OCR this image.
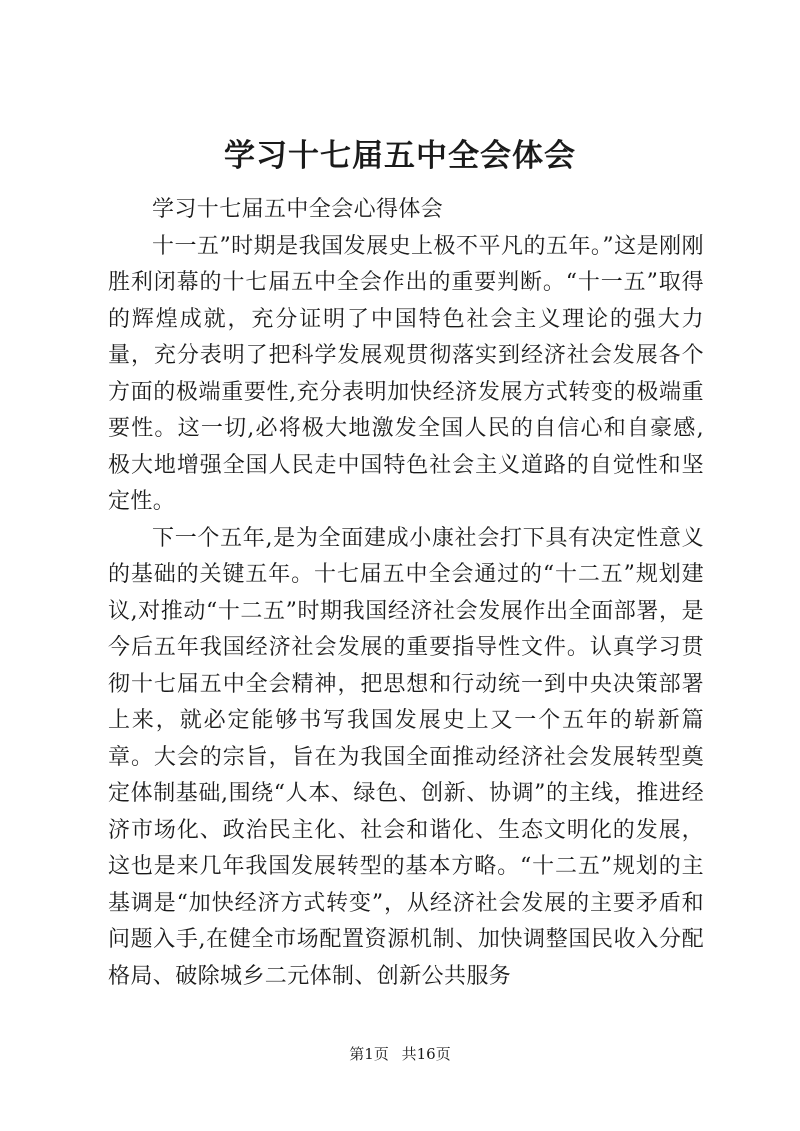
学习十七届五中全会体会

学习十七届五中全会心得体会

十一五”时期是我国发展史上极不平凡的五年。”这是刚刚胜利闭幕的十七届五中全会作出的重要判断。“十一五”取得的辉煌成就，充分证明了中国特色社会主义理论的强大力量，充分表明了把科学发展观贯彻落实到经济社会发展各个方面的极端重要性,充分表明加快经济发展方式转变的极端重要性。这一切,必将极大地激发全国人民的自信心和自豪感,极大地增强全国人民走中国特色社会主义道路的自觉性和坚定性。

下一个五年,是为全面建成小康社会打下具有决定性意义的基础的关键五年。十七届五中全会通过的“十二五”规划建议,对推动“十二五”时期我国经济社会发展作出全面部署，是今后五年我国经济社会发展的重要指导性文件。认真学习贯彻十七届五中全会精神，把思想和行动统一到中央决策部署上来，就必定能够书写我国发展史上又一个五年的崭新篇章。大会的宗旨，旨在为我国全面推动经济社会发展转型奠定体制基础,围绕“人本、绿色、创新、协调”的主线，推进经济市场化、政治民主化、社会和谐化、生态文明化的发展，这也是来几年我国发展转型的基本方略。“十二五”规划的主基调是“加快经济方式转变”，从经济社会发展的主要矛盾和问题入手,在健全市场配置资源机制、加快调整国民收入分配格局、破除城乡二元体制、创新公共服务

第1页 共16页
